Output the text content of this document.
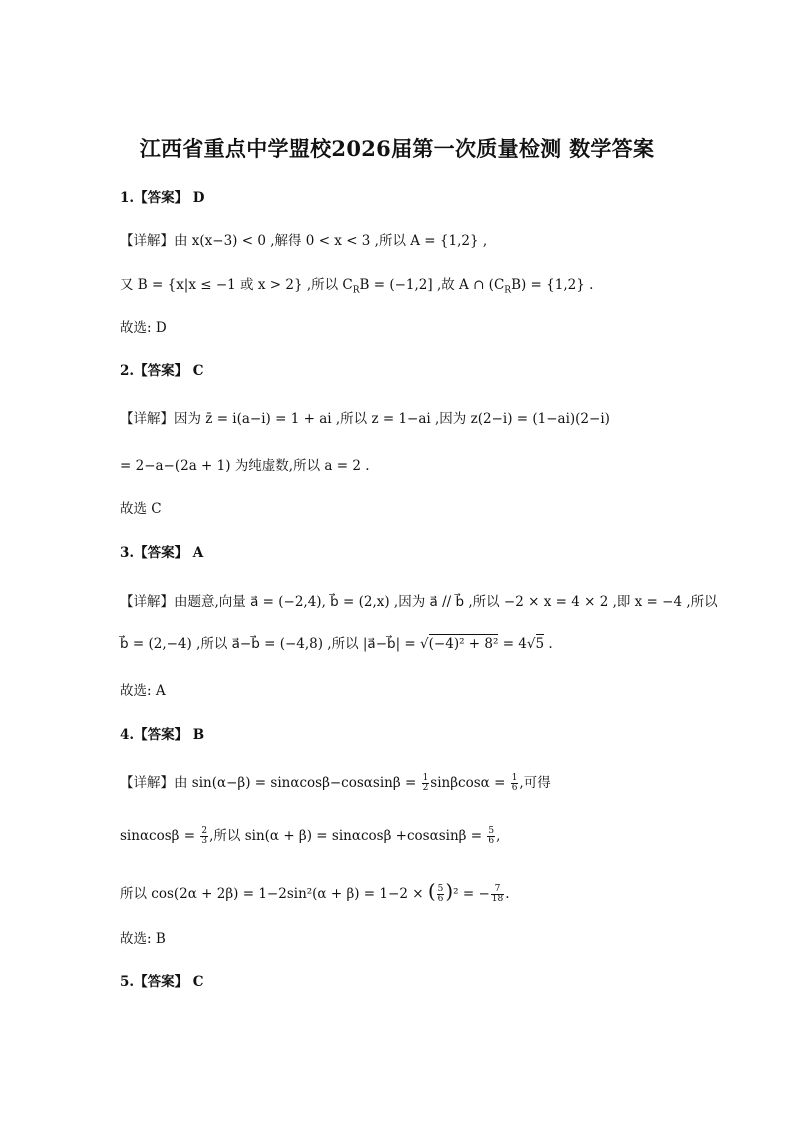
江西省重点中学盟校2026届第一次质量检测 数学答案
1.【答案】 D
【详解】由 x(x−3) < 0 ,解得 0 < x < 3 ,所以 A = {1,2} ,
又 B = {x|x ≤ −1 或 x > 2} ,所以 $C_RB = (-1,2]$ ,故 A ∩ $(C_RB) = \{1,2\}$ .
故选: D
2.【答案】 C
【详解】因为 z̄ = i(a−i) = 1 + ai ,所以 z = 1−ai ,因为 z(2−i) = (1−ai)(2−i)
= 2−a−(2a + 1) 为纯虚数,所以 a = 2 .
故选 C
3.【答案】 A
【详解】由题意,向量 a⃗ = (−2,4), b⃗ = (2,x) ,因为 a⃗ // b⃗ ,所以 −2 × x = 4 × 2 ,即 x = −4 ,所以
b⃗ = (2,−4) ,所以 a⃗−b⃗ = (−4,8) ,所以 |a⃗−b⃗| = √(−4)² + 8² = 4√5 .
故选: A
4.【答案】 B
【详解】由 $\sin(\alpha-\beta) = \sin\alpha\cos\beta-\cos\alpha\sin\beta = \frac{1}{2}$ $\sin\beta\cos\alpha = \frac{1}{6}$ ,可得
$\sin\alpha\cos\beta = \frac{2}{3}$ ,所以 $\sin(\alpha + \beta) = \sin\alpha\cos\beta +\cos\alpha\sin\beta = \frac{5}{6}$ ,
所以 cos(2α + 2β) = 1−2sin²(α + β) = 1−2 × ( $\frac{5}{6} )^2$ = − $\frac{7}{18}$ .
故选: B
5.【答案】 C
